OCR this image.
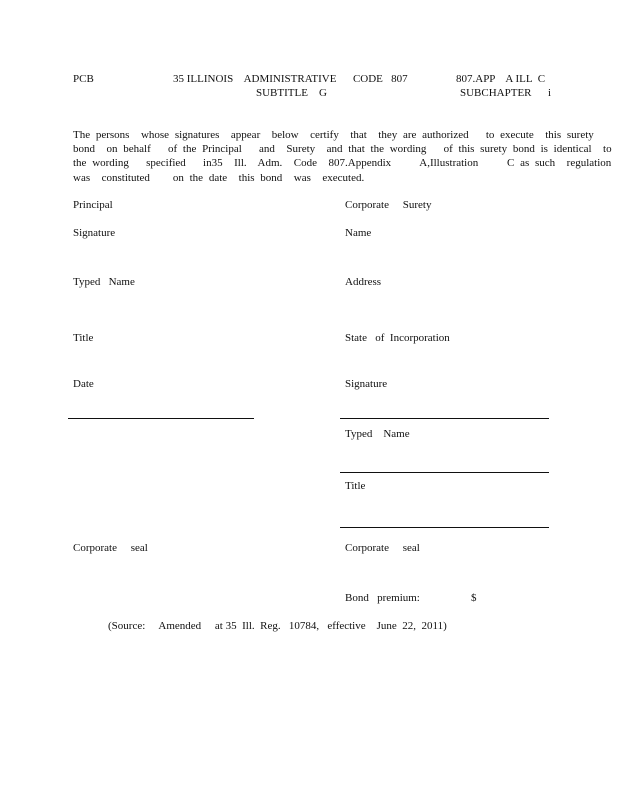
PCB	35 ILLINOIS    ADMINISTRATIVE      CODE   807
SUBTITLE    G
807.APP    A ILL  C
SUBCHAPTER      i
The persons  whose signatures  appear  below  certify  that  they are authorized   to execute  this surety
bond  on behalf   of the Principal   and  Surety  and that the wording   of this surety bond is identical  to
the wording   specified   in35  Ill.  Adm.  Code  807.Appendix     A,Illustration     C as such  regulation
was  constituted    on the date  this bond  was  executed.
Principal
Signature
Typed   Name
Title
Date
Corporate     seal
Corporate     Surety
Name
Address
State   of  Incorporation
Signature
Typed    Name
Title
Corporate     seal
Bond   premium:	$
(Source:     Amended     at 35  Ill.  Reg.   10784,   effective    June  22,  2011)
